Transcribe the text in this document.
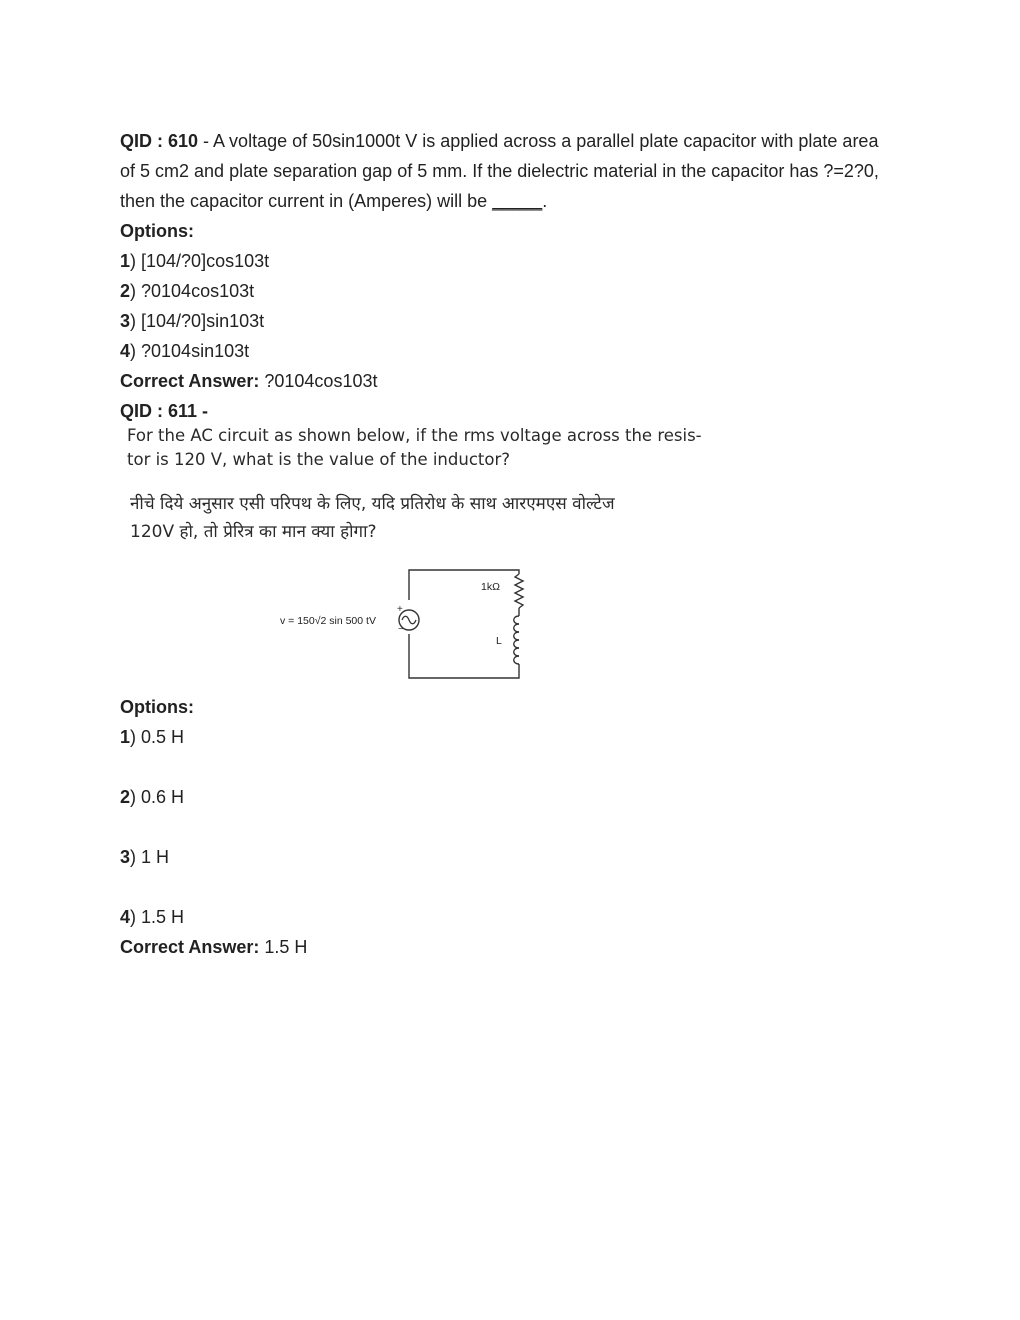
QID : 610 - A voltage of 50sin1000t V is applied across a parallel plate capacitor with plate area
of 5 cm2 and plate separation gap of 5 mm. If the dielectric material in the capacitor has ?=2?0,
then the capacitor current in (Amperes) will be _____.
Options:
1) [104/?0]cos103t
2) ?0104cos103t
3) [104/?0]sin103t
4) ?0104sin103t
Correct Answer: ?0104cos103t
QID : 611 -
For the AC circuit as shown below, if the rms voltage across the resis-
tor is 120 V, what is the value of the inductor?
नीचे दिये अनुसार एसी परिपथ के लिए, यदि प्रतिरोध के साथ आरएमएस वोल्टेज
120V हो, तो प्रेरित्र का मान क्या होगा?
+
−
v = 150√2 sin 500 tV
1kΩ
L
Options:
1) 0.5 H
2) 0.6 H
3) 1 H
4) 1.5 H
Correct Answer: 1.5 H
